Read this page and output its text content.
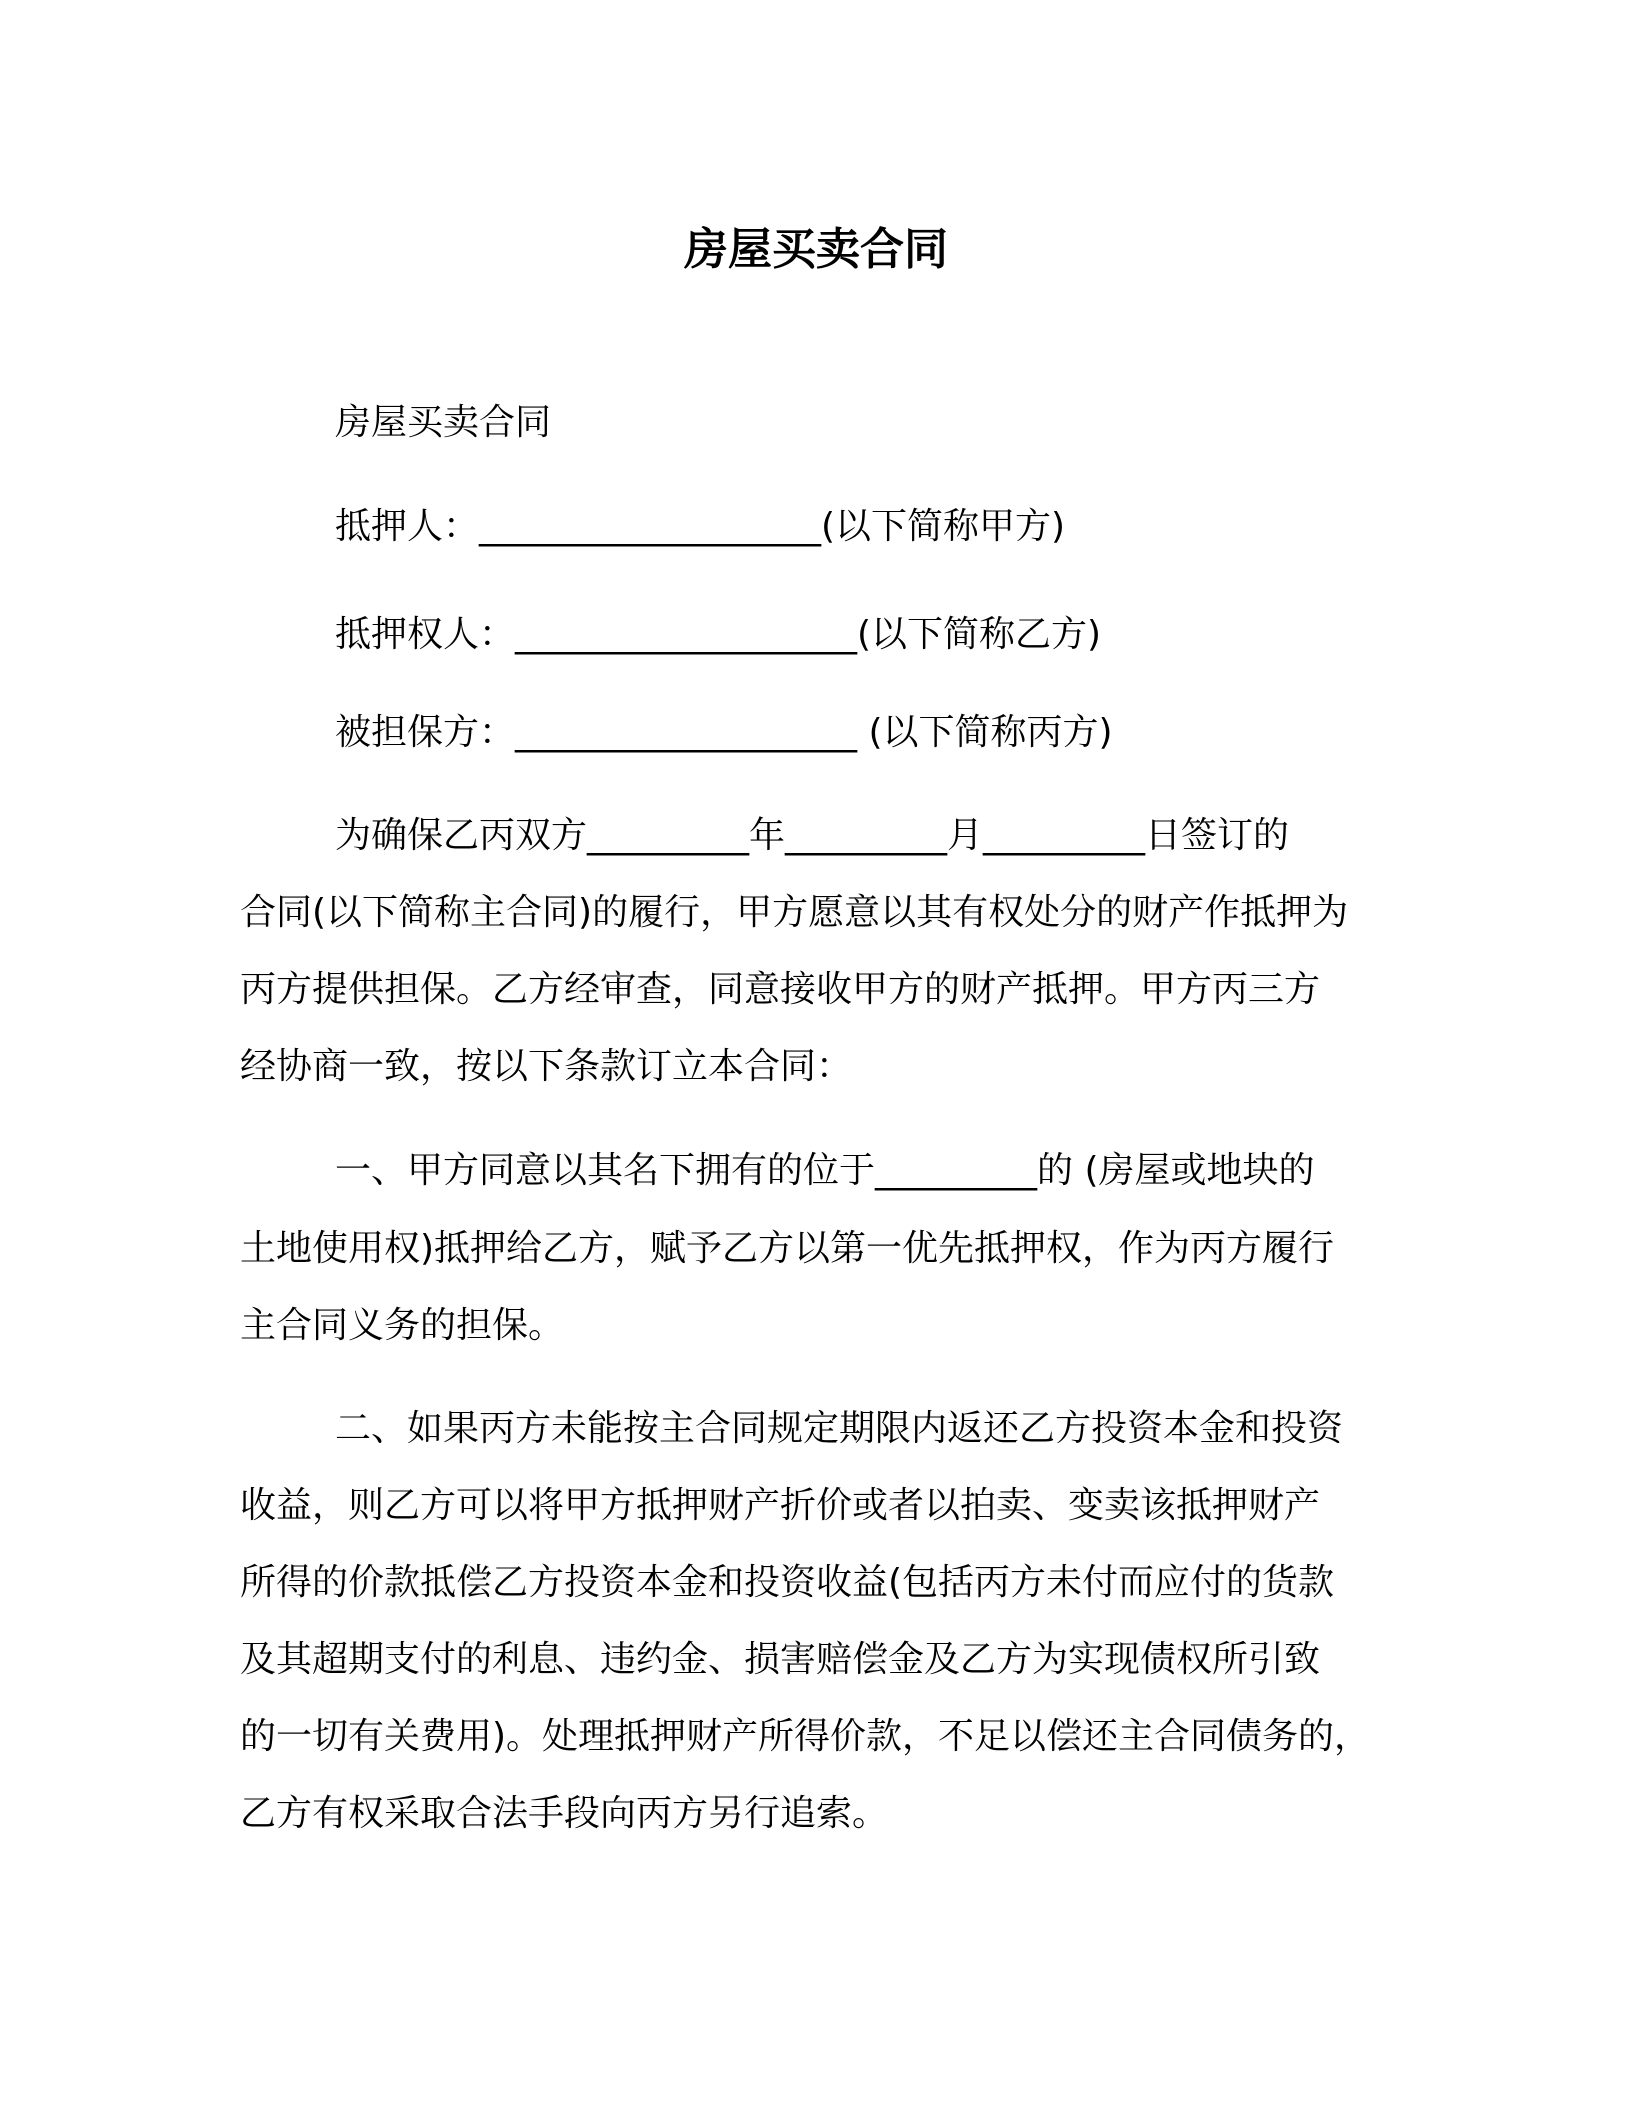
房屋买卖合同
房屋买卖合同
抵押人：___________________(以下简称甲方)
抵押权人：___________________(以下简称乙方)
被担保方：___________________ (以下简称丙方)
为确保乙丙双方_________年_________月_________日签订的
合同(以下简称主合同)的履行，甲方愿意以其有权处分的财产作抵押为
丙方提供担保。乙方经审查，同意接收甲方的财产抵押。甲方丙三方
经协商一致，按以下条款订立本合同：
一、甲方同意以其名下拥有的位于_________的 (房屋或地块的
土地使用权)抵押给乙方，赋予乙方以第一优先抵押权，作为丙方履行
主合同义务的担保。
二、如果丙方未能按主合同规定期限内返还乙方投资本金和投资
收益，则乙方可以将甲方抵押财产折价或者以拍卖、变卖该抵押财产
所得的价款抵偿乙方投资本金和投资收益(包括丙方未付而应付的货款
及其超期支付的利息、违约金、损害赔偿金及乙方为实现债权所引致
的一切有关费用)。处理抵押财产所得价款，不足以偿还主合同债务的，
乙方有权采取合法手段向丙方另行追索。
